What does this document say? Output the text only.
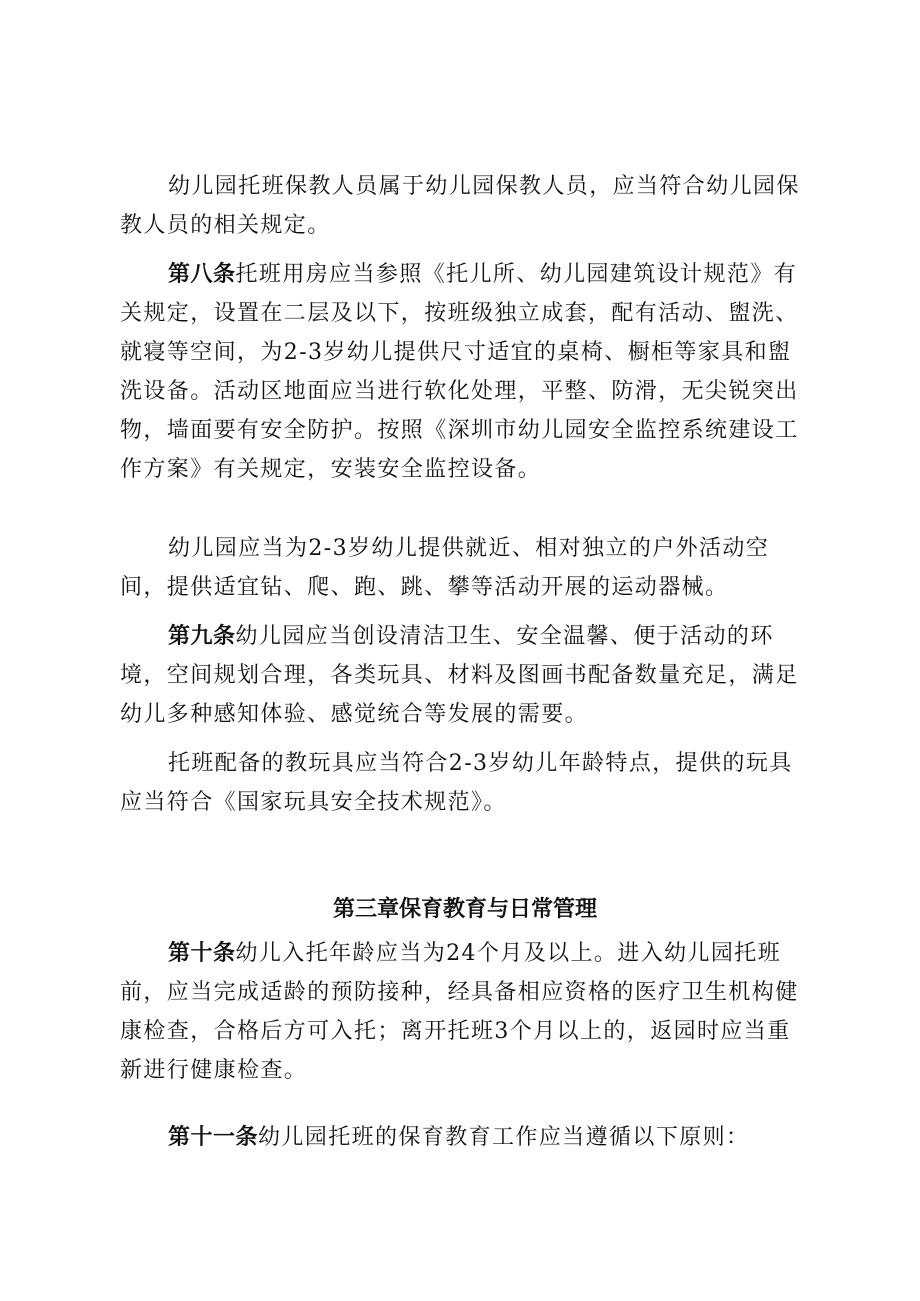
幼儿园托班保教人员属于幼儿园保教人员，应当符合幼儿园保教人员的相关规定。

第八条托班用房应当参照《托儿所、幼儿园建筑设计规范》有关规定，设置在二层及以下，按班级独立成套，配有活动、盥洗、就寝等空间，为2-3岁幼儿提供尺寸适宜的桌椅、橱柜等家具和盥洗设备。活动区地面应当进行软化处理，平整、防滑，无尖锐突出物，墙面要有安全防护。按照《深圳市幼儿园安全监控系统建设工作方案》有关规定，安装安全监控设备。

幼儿园应当为2-3岁幼儿提供就近、相对独立的户外活动空间，提供适宜钻、爬、跑、跳、攀等活动开展的运动器械。

第九条幼儿园应当创设清洁卫生、安全温馨、便于活动的环境，空间规划合理，各类玩具、材料及图画书配备数量充足，满足幼儿多种感知体验、感觉统合等发展的需要。

托班配备的教玩具应当符合2-3岁幼儿年龄特点，提供的玩具应当符合《国家玩具安全技术规范》。

第三章保育教育与日常管理

第十条幼儿入托年龄应当为24个月及以上。进入幼儿园托班前，应当完成适龄的预防接种，经具备相应资格的医疗卫生机构健康检查，合格后方可入托；离开托班3个月以上的，返园时应当重新进行健康检查。

第十一条幼儿园托班的保育教育工作应当遵循以下原则：
